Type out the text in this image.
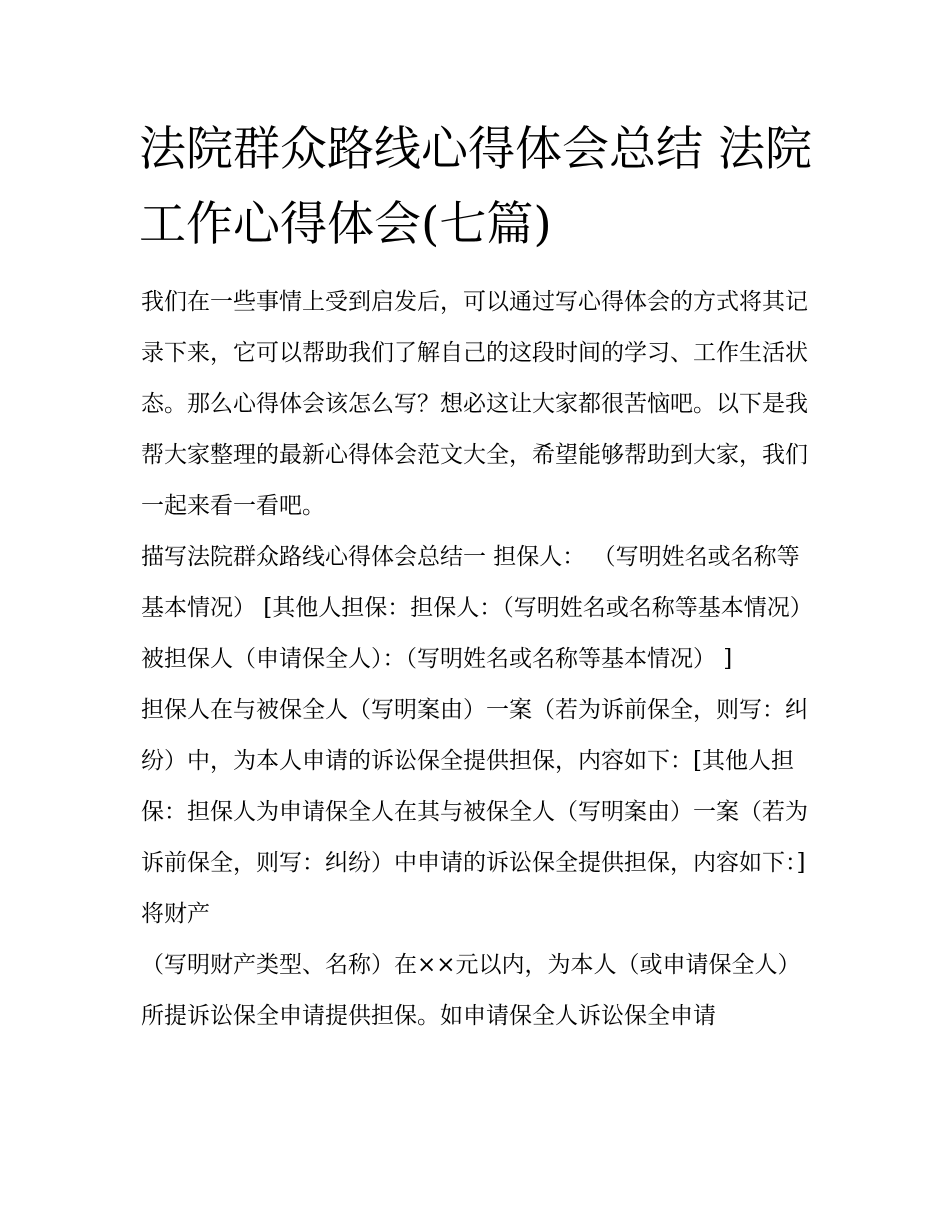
法院群众路线心得体会总结 法院工作心得体会(七篇)

我们在一些事情上受到启发后，可以通过写心得体会的方式将其记录下来，它可以帮助我们了解自己的这段时间的学习、工作生活状态。那么心得体会该怎么写？想必这让大家都很苦恼吧。以下是我帮大家整理的最新心得体会范文大全，希望能够帮助到大家，我们一起来看一看吧。

描写法院群众路线心得体会总结一 担保人： （写明姓名或名称等基本情况） [其他人担保：担保人：（写明姓名或名称等基本情况）

被担保人（申请保全人）：（写明姓名或名称等基本情况） ]

担保人在与被保全人（写明案由）一案（若为诉前保全，则写：纠纷）中，为本人申请的诉讼保全提供担保，内容如下：[其他人担保：担保人为申请保全人在其与被保全人（写明案由）一案（若为诉前保全，则写：纠纷）中申请的诉讼保全提供担保，内容如下：] 将财产

（写明财产类型、名称）在××元以内，为本人（或申请保全人）所提诉讼保全申请提供担保。如申请保全人诉讼保全申请
